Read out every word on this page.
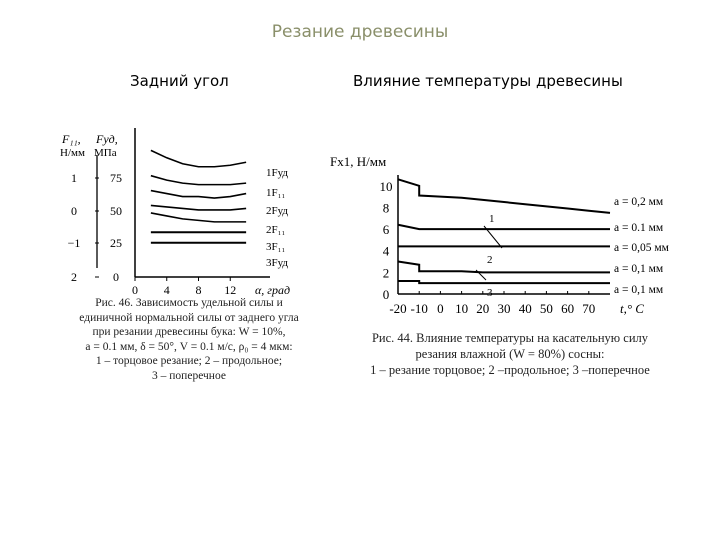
Резание древесины
Задний угол	Влияние температуры древесины
2
−1
0
1
0
25
50
75
0 4 8 12 α, град
F₁₁,
Н/мм
Fуд,
МПа
1Fуд
1F₁₁
2Fуд
2F₁₁
3F₁₁
3Fуд
Fх1, Н/мм
0
2
4
6
8
10
-20 -10 0 10 20 30 40 50 60 70 t,° C
a = 0,2 мм
a = 0.1 мм
a = 0,05 мм
a = 0,1 мм
a = 0,1 мм
1
2
3
Рис. 46. Зависимость удельной силы и
единичной нормальной силы от заднего угла
при резании древесины бука: W = 10%,
a = 0.1 мм, δ = 50°, V = 0.1 м/с, ρ₀ = 4 мкм:
1 – торцовое резание; 2 – продольное;
3 – поперечное
Рис. 44. Влияние температуры на касательную силу
резания влажной (W = 80%) сосны:
1 – резание торцовое; 2 –продольное; 3 –поперечное
